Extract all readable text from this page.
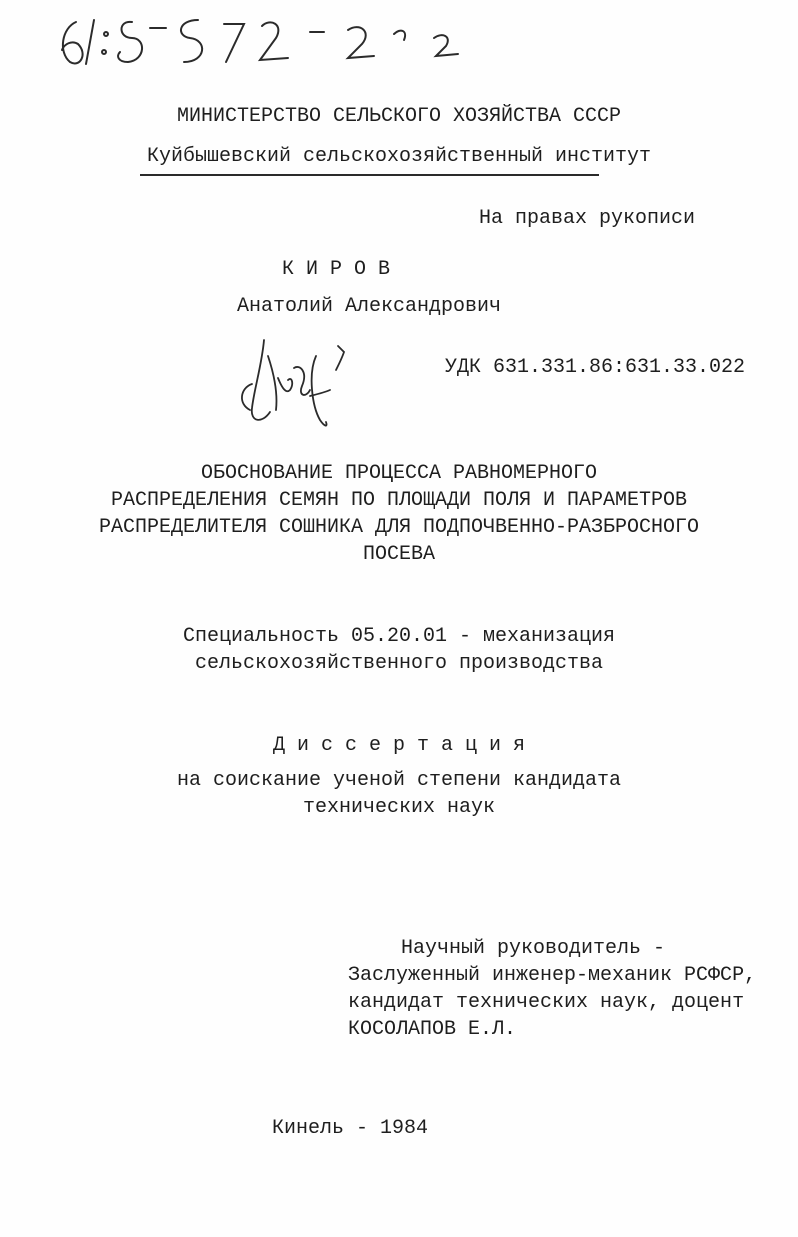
МИНИСТЕРСТВО СЕЛЬСКОГО ХОЗЯЙСТВА СССР
Куйбышевский сельскохозяйственный институт
На правах рукописи
К И Р О В
Анатолий Александрович
УДК 631.331.86:631.33.022
ОБОСНОВАНИЕ ПРОЦЕССА РАВНОМЕРНОГО
РАСПРЕДЕЛЕНИЯ СЕМЯН ПО ПЛОЩАДИ ПОЛЯ И ПАРАМЕТРОВ
РАСПРЕДЕЛИТЕЛЯ СОШНИКА ДЛЯ ПОДПОЧВЕННО-РАЗБРОСНОГО
ПОСЕВА
Специальность 05.20.01 - механизация
сельскохозяйственного производства
Д и с с е р т а ц и я
на соискание ученой степени кандидата
технических наук
Научный руководитель -
Заслуженный инженер-механик РСФСР,
кандидат технических наук, доцент
КОСОЛАПОВ Е.Л.
Кинель - 1984
